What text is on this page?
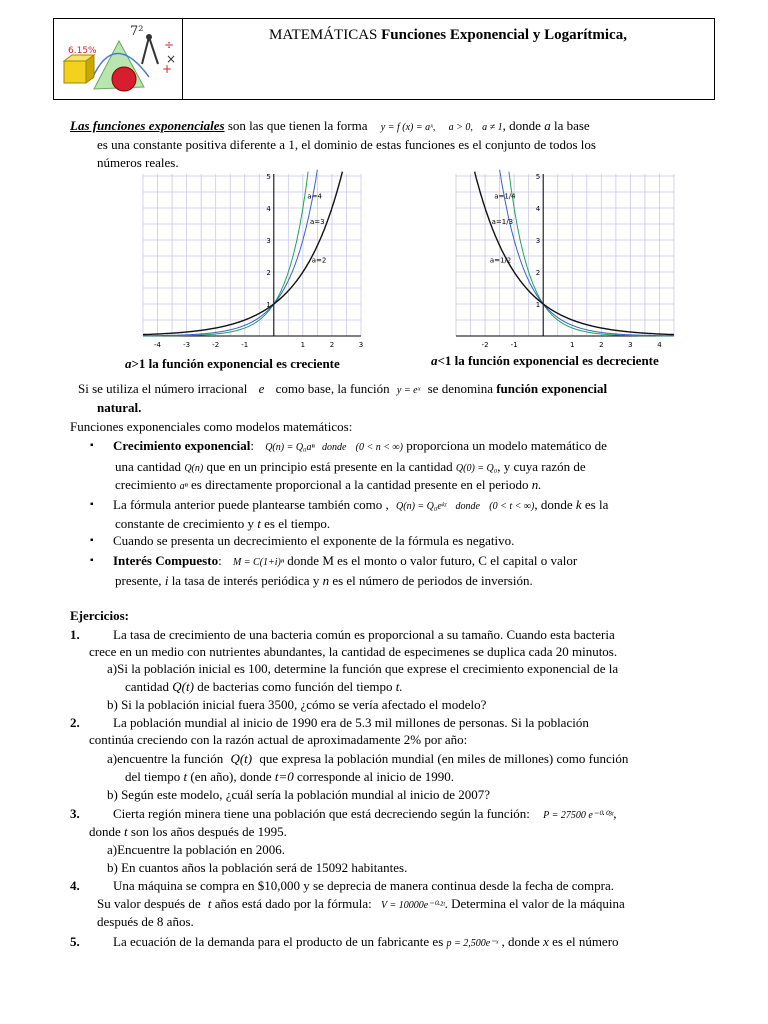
÷
×
+
6.15%
7²	MATEMÁTICAS Funciones Exponencial y Logarítmica,
Las funciones exponenciales son las que tienen la forma y = f (x) = aˣ, a > 0, a ≠ 1, donde a la base
es una constante positiva diferente a 1, el dominio de estas funciones es el conjunto de todos los
números reales.
-4	-3	-2	-1	1	2	3
1
2
3
4
5
a=4
a=3
a=2
-2	-1	1	2	3	4
1
2
3
4
5
a=1/4
a=1/3
a=1/2
a>1 la función exponencial es creciente	a<1 la función exponencial es decreciente
Si se utiliza el número irracional e como base, la función y = eˣ se denomina función exponencial
natural.
Funciones exponenciales como modelos matemáticos:
▪ Crecimiento exponencial: Q(n) = Q₀aⁿ donde (0 < n < ∞) proporciona un modelo matemático de
una cantidad Q(n) que en un principio está presente en la cantidad Q(0) = Q₀, y cuya razón de
crecimiento aⁿ es directamente proporcional a la cantidad presente en el periodo n.
▪ La fórmula anterior puede plantearse también como , Q(n) = Q₀eᵏᵗ donde (0 < t < ∞), donde k es la
constante de crecimiento y t es el tiempo.
▪ Cuando se presenta un decrecimiento el exponente de la fórmula es negativo.
▪ Interés Compuesto: M = C(1+i)ⁿ donde M es el monto o valor futuro, C el capital o valor
presente, i la tasa de interés periódica y n es el número de periodos de inversión.
Ejercicios:
1.	La tasa de crecimiento de una bacteria común es proporcional a su tamaño. Cuando esta bacteria
crece en un medio con nutrientes abundantes, la cantidad de especimenes se duplica cada 20 minutos.
a)Si la población inicial es 100, determine la función que exprese el crecimiento exponencial de la
cantidad Q(t) de bacterias como función del tiempo t.
b) Si la población inicial fuera 3500, ¿cómo se vería afectado el modelo?
2.	La población mundial al inicio de 1990 era de 5.3 mil millones de personas. Si la población
continúa creciendo con la razón actual de aproximadamente 2% por año:
a)encuentre la función Q(t) que expresa la población mundial (en miles de millones) como función
del tiempo t (en año), donde t=0 corresponde al inicio de 1990.
b) Según este modelo, ¿cuál sería la población mundial al inicio de 2007?
3.	Cierta región minera tiene una población que está decreciendo según la función: P = 27500 e⁻⁰·⁰³ᵗ,
donde t son los años después de 1995.
a)Encuentre la población en 2006.
b) En cuantos años la población será de 15092 habitantes.
4.	Una máquina se compra en $10,000 y se deprecia de manera continua desde la fecha de compra.
Su valor después de t años está dado por la fórmula: V = 10000e⁻⁰·²ᵗ. Determina el valor de la máquina
después de 8 años.
5.	La ecuación de la demanda para el producto de un fabricante es p = 2,500e⁻ˣ , donde x es el número
